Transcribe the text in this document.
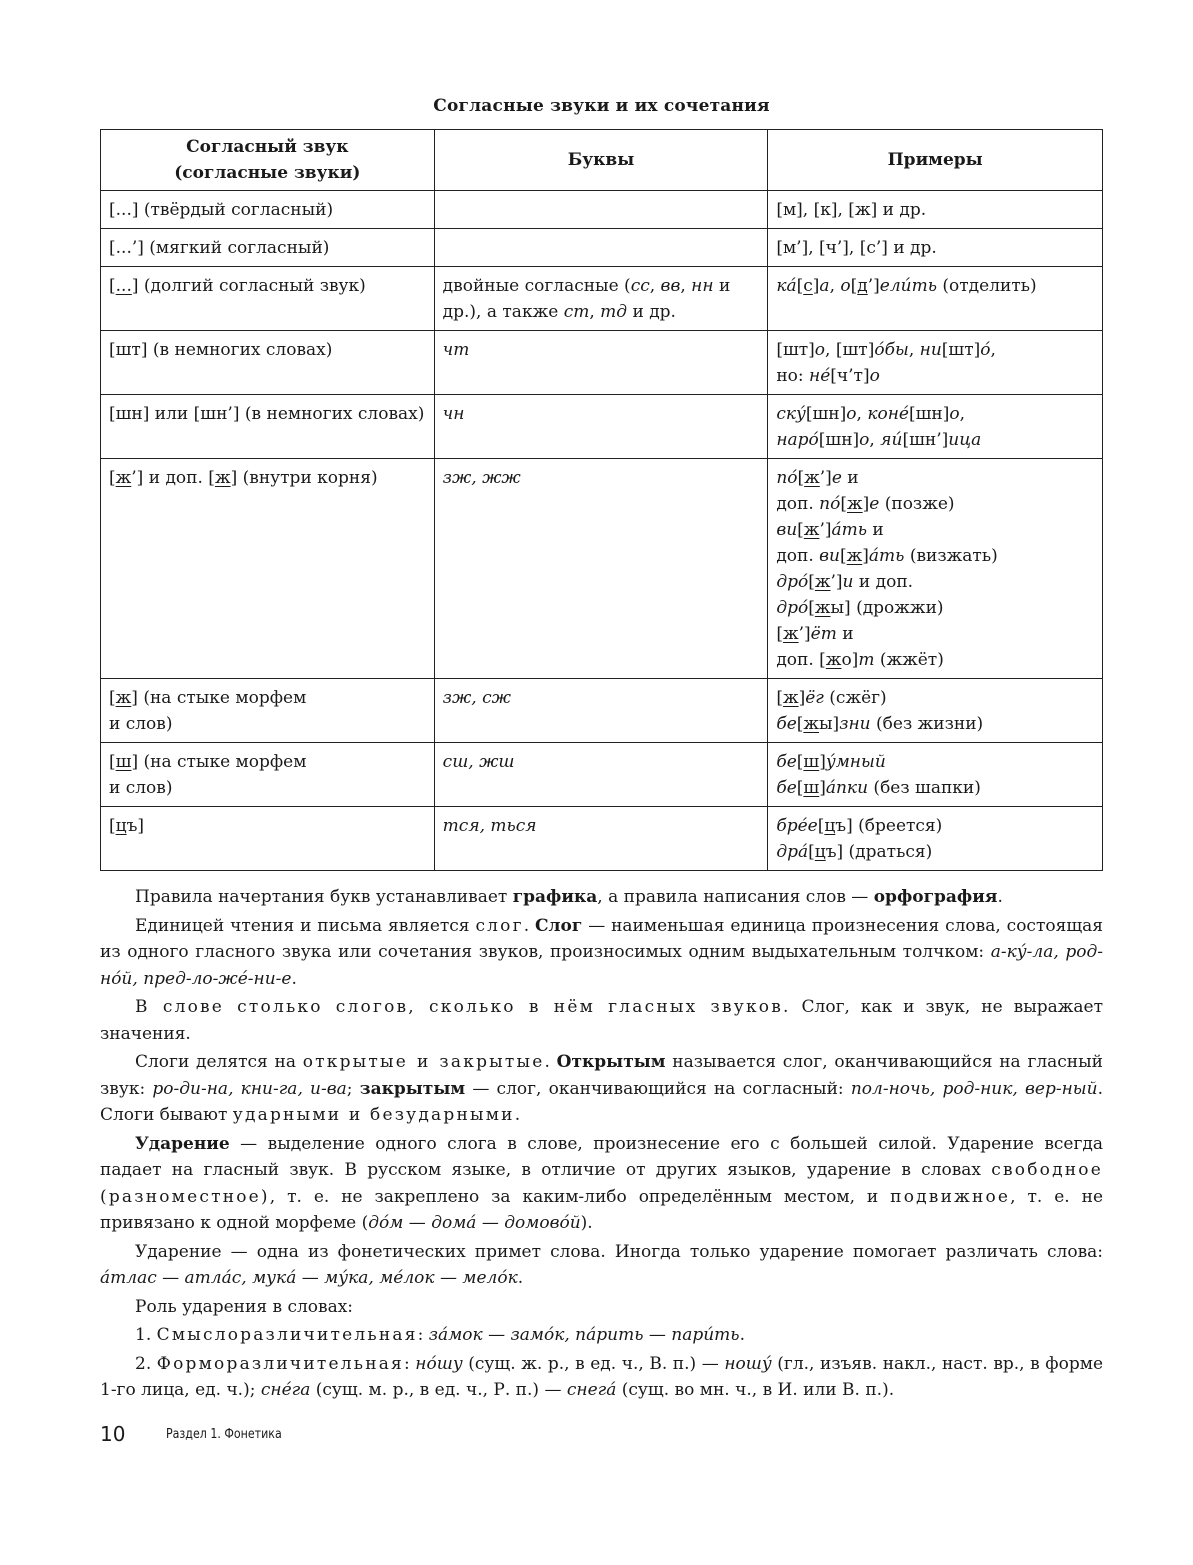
Согласные звуки и их сочетания
Согласный звук
(согласные звуки)	Буквы	Примеры
[...] (твёрдый согласный)		[м], [к], [ж] и др.
[...’] (мягкий согласный)		[м’], [ч’], [с’] и др.
[...] (долгий согласный звук)	двойные согласные (сс, вв, нн и др.), а также ст, тд и др.	ка́[с]а, о[д’]ели́ть (отделить)
[шт] (в немногих словах)	чт	[шт]о, [шт]о́бы, ни[шт]о́,
но: не́[ч’т]о

[шн] или [шн’] (в немногих словах)	чн	ску́[шн]о, коне́[шн]о,
наро́[шн]о, яи́[шн’]ица

[ж’] и доп. [ж] (внутри корня)	зж, жж	по́[ж’]е и
доп. по́[ж]е (позже)
ви[ж’]а́ть и
доп. ви[ж]а́ть (визжать)
дро́[ж’]и и доп.
дро́[жы] (дрожжи)
[ж’]ёт и
доп. [жо]т (жжёт)

[ж] (на стыке морфем
и слов)	зж, сж	[ж]ёг (сжёг)
бе[жы]зни (без жизни)

[ш] (на стыке морфем
и слов)	сш, жш	бе[ш]у́мный
бе[ш]а́пки (без шапки)

[цъ]	тся, ться	бре́е[цъ] (бреется)
дра́[цъ] (драться)

Правила начертания букв устанавливает графика, а правила написания слов — орфография.

Единицей чтения и письма является слог. Слог — наименьшая единица произнесения слова, состоящая из одного гласного звука или сочетания звуков, произносимых одним выдыхательным толчком: а-ку́-ла, род-но́й, пред-ло-жé-ни-е.

В слове столько слогов, сколько в нём гласных звуков. Слог, как и звук, не выражает значения.

Слоги делятся на открытые и закрытые. Открытым называется слог, оканчивающийся на гласный звук: ро-ди-на, кни-га, и-ва; закрытым — слог, оканчивающийся на согласный: пол-ночь, род-ник, вер-ный. Слоги бывают ударными и безударными.

Ударение — выделение одного слога в слове, произнесение его с большей силой. Ударение всегда падает на гласный звук. В русском языке, в отличие от других языков, ударение в словах свободное (разноместное), т. е. не закреплено за каким-либо определённым местом, и подвижное, т. е. не привязано к одной морфеме (до́м — дома́ — домово́й).

Ударение — одна из фонетических примет слова. Иногда только ударение помогает различать слова: а́тлас — атла́с, мука́ — му́ка, ме́лок — мело́к.

Роль ударения в словах:

1. Смыслоразличительная: за́мок — замо́к, па́рить — пари́ть.

2. Форморазличительная: но́шу (сущ. ж. р., в ед. ч., В. п.) — ношу́ (гл., изъяв. накл., наст. вр., в форме 1-го лица, ед. ч.); сне́га (сущ. м. р., в ед. ч., Р. п.) — снега́ (сущ. во мн. ч., в И. или В. п.).

10	Раздел 1. Фонетика
